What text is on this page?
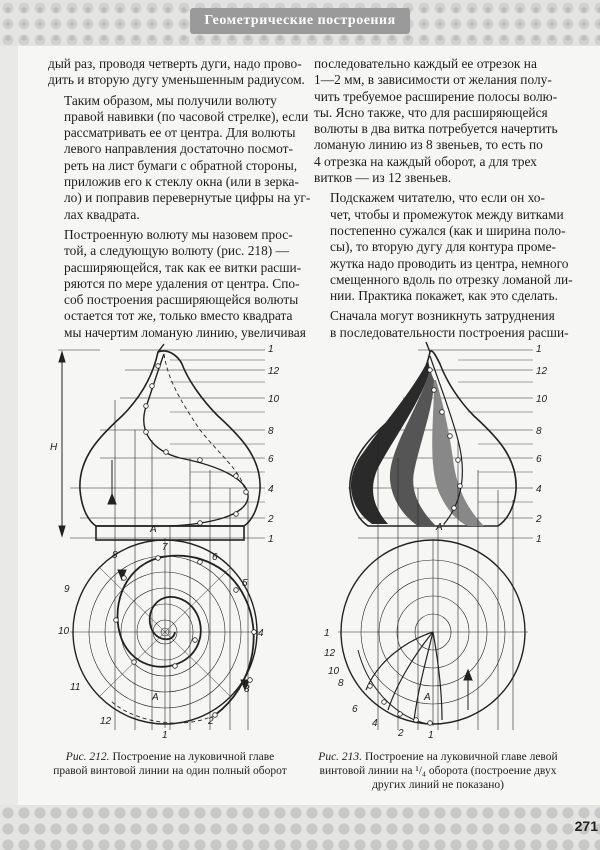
Геометрические построения

дый раз, проводя четверть дуги, надо прово-
дить и вторую дугу уменьшенным радиусом.

Таким образом, мы получили волюту
правой навивки (по часовой стрелке), если
рассматривать ее от центра. Для волюты
левого направления достаточно посмот-
реть на лист бумаги с обратной стороны,
приложив его к стеклу окна (или в зерка-
ло) и поправив перевернутые цифры на уг-
лах квадрата.

Построенную волюту мы назовем прос-
той, а следующую волюту (рис. 218) —
расширяющейся, так как ее витки расши-
ряются по мере удаления от центра. Спо-
соб построения расширяющейся волюты
остается тот же, только вместо квадрата
мы начертим ломаную линию, увеличивая

последовательно каждый ее отрезок на
1—2 мм, в зависимости от желания полу-
чить требуемое расширение полосы волю-
ты. Ясно также, что для расширяющейся
волюты в два витка потребуется начертить
ломаную линию из 8 звеньев, то есть по
4 отрезка на каждый оборот, а для трех
витков — из 12 звеньев.

Подскажем читателю, что если он хо-
чет, чтобы и промежуток между витками
постепенно сужался (как и ширина поло-
сы), то вторую дугу для контура проме-
жутка надо проводить из центра, немного
смещенного вдоль по отрезку ломаной ли-
нии. Практика покажет, как это сделать.

Сначала могут возникнуть затруднения
в последовательности построения расши-

H
1
12
10
8
6
4
2
1
A'
7
8	6
9
5
10	4
11	3
12	2
1
A
1
12
10
8
6
4
2
1
A'
1
12
10
8
6
4
2 1
A
Рис. 212. Построение на луковичной главе правой винтовой линии на один полный оборот
Рис. 213. Построение на луковичной главе левой винтовой линии на ¹/₄ оборота (построение двух других линий не показано)
271
